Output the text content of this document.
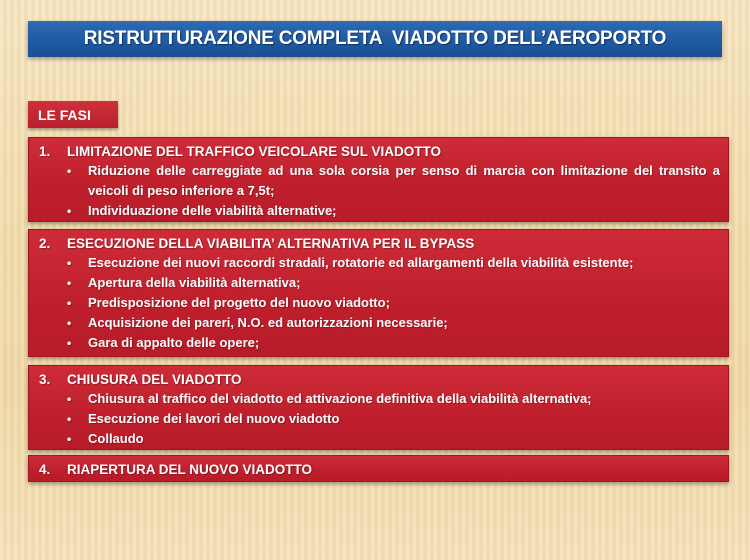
RISTRUTTURAZIONE COMPLETA  VIADOTTO DELL’AEROPORTO
LE FASI
1.	LIMITAZIONE DEL TRAFFICO VEICOLARE SUL VIADOTTO
•	Riduzione delle carreggiate ad una sola corsia per senso di marcia con limitazione del transito a veicoli di peso inferiore a 7,5t;
•	Individuazione delle viabilità alternative;
2.	ESECUZIONE DELLA VIABILITA’ ALTERNATIVA PER IL BYPASS
•	Esecuzione dei nuovi raccordi stradali, rotatorie ed allargamenti della viabilità esistente;
•	Apertura della viabilità alternativa;
•	Predisposizione del progetto del nuovo viadotto;
•	Acquisizione dei pareri, N.O. ed autorizzazioni necessarie;
•	Gara di appalto delle opere;
3.	CHIUSURA DEL VIADOTTO
•	Chiusura al traffico del viadotto ed attivazione definitiva della viabilità alternativa;
•	Esecuzione dei lavori del nuovo viadotto
•	Collaudo
4.	RIAPERTURA DEL NUOVO VIADOTTO
